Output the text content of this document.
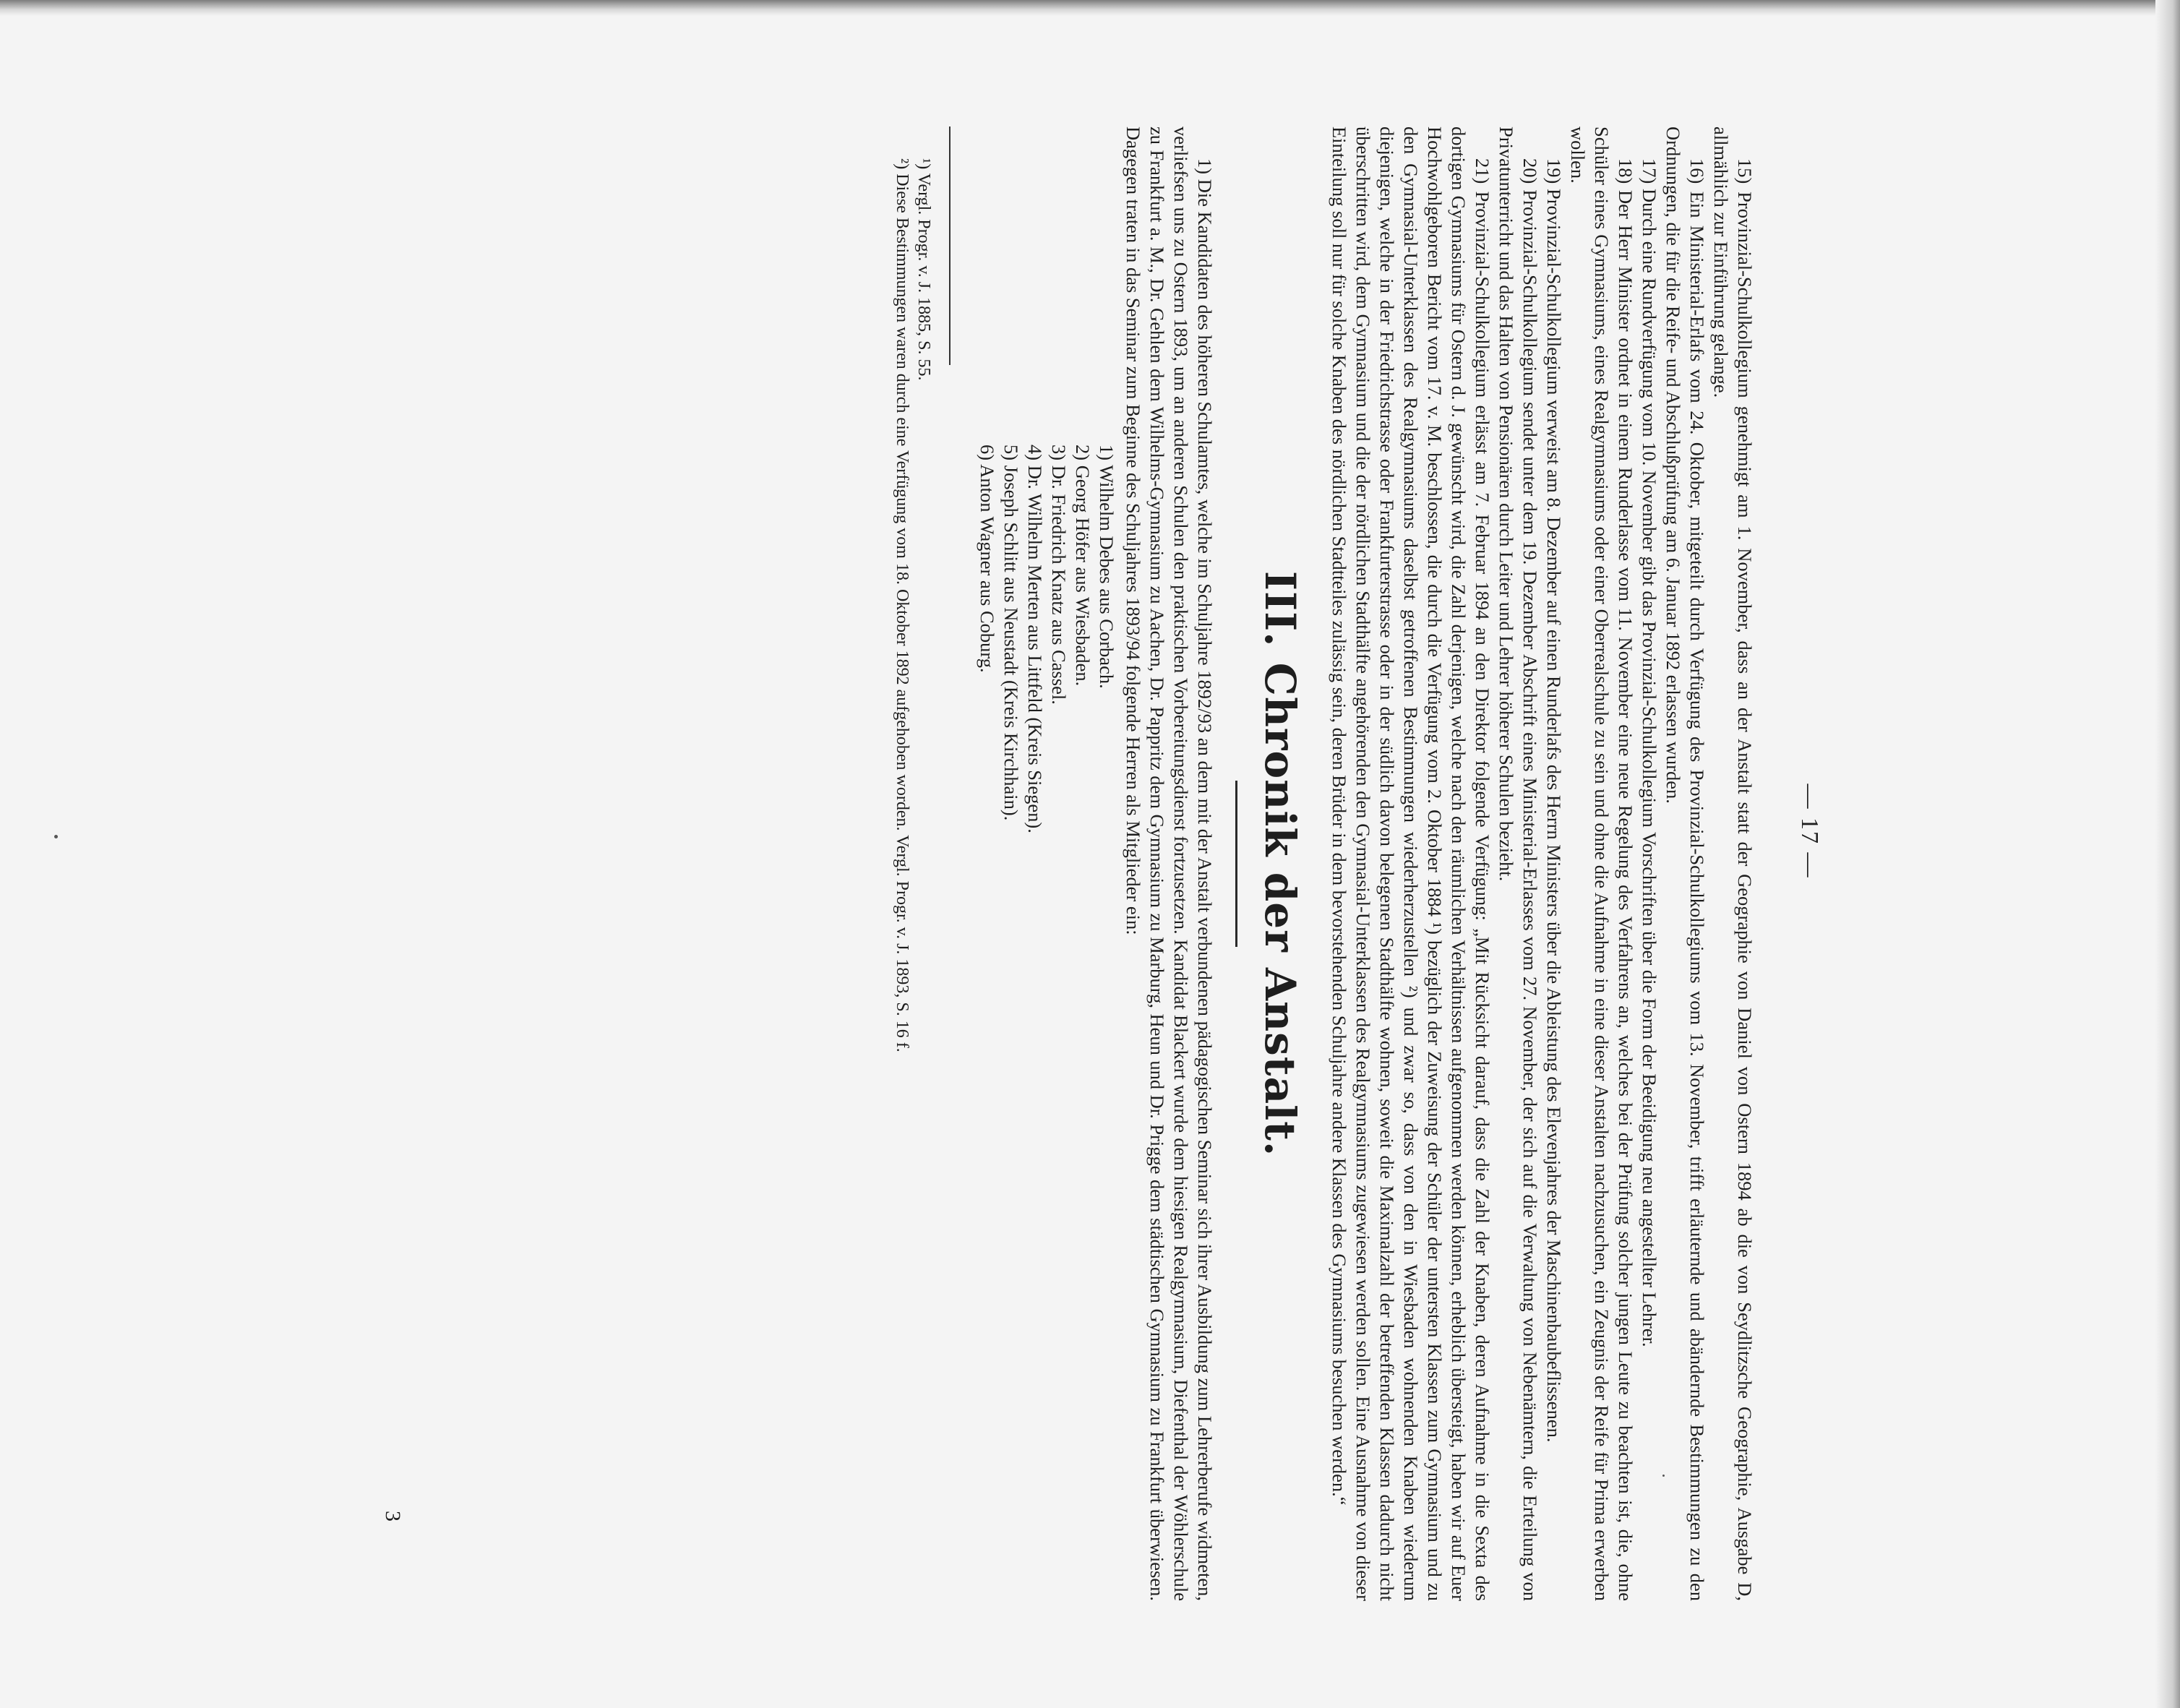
— 17 —

15) Provinzial-Schulkollegium genehmigt am 1. November, dass an der Anstalt statt der Geographie von Daniel von Ostern 1894 ab die von Seydlitzsche Geographie, Ausgabe D, allmählich zur Einführung gelange.

16) Ein Ministerial-Erlafs vom 24. Oktober, mitgeteilt durch Verfügung des Provinzial-Schulkollegiums vom 13. November, trifft erläuternde und abändernde Bestimmungen zu den Ordnungen, die für die Reife- und Abschlußprüfung am 6. Januar 1892 erlassen wurden.

17) Durch eine Rundverfügung vom 10. November gibt das Provinzial-Schulkollegium Vorschriften über die Form der Beeidigung neu angestellter Lehrer.

18) Der Herr Minister ordnet in einem Runderlasse vom 11. November eine neue Regelung des Verfahrens an, welches bei der Prüfung solcher jungen Leute zu beachten ist, die, ohne Schüler eines Gymnasiums, eines Realgymnasiums oder einer Oberrealschule zu sein und ohne die Aufnahme in eine dieser Anstalten nachzusuchen, ein Zeugnis der Reife für Prima erwerben wollen.

19) Provinzial-Schulkollegium verweist am 8. Dezember auf einen Runderlafs des Herrn Ministers über die Ableistung des Elevenjahres der Maschinenbaubeflissenen.

20) Provinzial-Schulkollegium sendet unter dem 19. Dezember Abschrift eines Ministerial-Erlasses vom 27. November, der sich auf die Verwaltung von Nebenämtern, die Erteilung von Privatunterricht und das Halten von Pensionären durch Leiter und Lehrer höherer Schulen bezieht.

21) Provinzial-Schulkollegium erlässt am 7. Februar 1894 an den Direktor folgende Verfügung: „Mit Rücksicht darauf, dass die Zahl der Knaben, deren Aufnahme in die Sexta des dortigen Gymnasiums für Ostern d. J. gewünscht wird, die Zahl derjenigen, welche nach den räumlichen Verhältnissen aufgenommen werden können, erheblich übersteigt, haben wir auf Euer Hochwohlgeboren Bericht vom 17. v. M. beschlossen, die durch die Verfügung vom 2. Oktober 1884 ¹) bezüglich der Zuweisung der Schüler der untersten Klassen zum Gymnasium und zu den Gymnasial-Unterklassen des Realgymnasiums daselbst getroffenen Bestimmungen wiederherzustellen ²) und zwar so, dass von den in Wiesbaden wohnenden Knaben wiederum diejenigen, welche in der Friedrichstrasse oder Frankfurterstrasse oder in der südlich davon belegenen Stadthälfte wohnen, soweit die Maximalzahl der betreffenden Klassen dadurch nicht überschritten wird, dem Gymnasium und die der nördlichen Stadthälfte angehörenden den Gymnasial-Unterklassen des Realgymnasiums zugewiesen werden sollen. Eine Ausnahme von dieser Einteilung soll nur für solche Knaben des nördlichen Stadtteiles zulässig sein, deren Brüder in dem bevorstehenden Schuljahre andere Klassen des Gymnasiums besuchen werden.“

III. Chronik der Anstalt.

1) Die Kandidaten des höheren Schulamtes, welche im Schuljahre 1892/93 an dem mit der Anstalt verbundenen pädagogischen Seminar sich ihrer Ausbildung zum Lehrerberufe widmeten, verliefsen uns zu Ostern 1893, um an anderen Schulen den praktischen Vorbereitungsdienst fortzusetzen. Kandidat Blackert wurde dem hiesigen Realgymnasium, Diefenthal der Wöhlerschule zu Frankfurt a. M., Dr. Gehlen dem Wilhelms-Gymnasium zu Aachen, Dr. Pappritz dem Gymnasium zu Marburg, Heun und Dr. Prigge dem städtischen Gymnasium zu Frankfurt überwiesen. Dagegen traten in das Seminar zum Beginne des Schuljahres 1893/94 folgende Herren als Mitglieder ein:

1) Wilhelm Debes aus Corbach.
2) Georg Höfer aus Wiesbaden.
3) Dr. Friedrich Knatz aus Cassel.
4) Dr. Wilhelm Merten aus Littfeld (Kreis Siegen).
5) Joseph Schlitt aus Neustadt (Kreis Kirchhain).
6) Anton Wagner aus Coburg.
¹) Vergl. Progr. v. J. 1885, S. 55.
²) Diese Bestimmungen waren durch eine Verfügung vom 18. Oktober 1892 aufgehoben worden. Vergl. Progr. v. J. 1893, S. 16 f.
3
